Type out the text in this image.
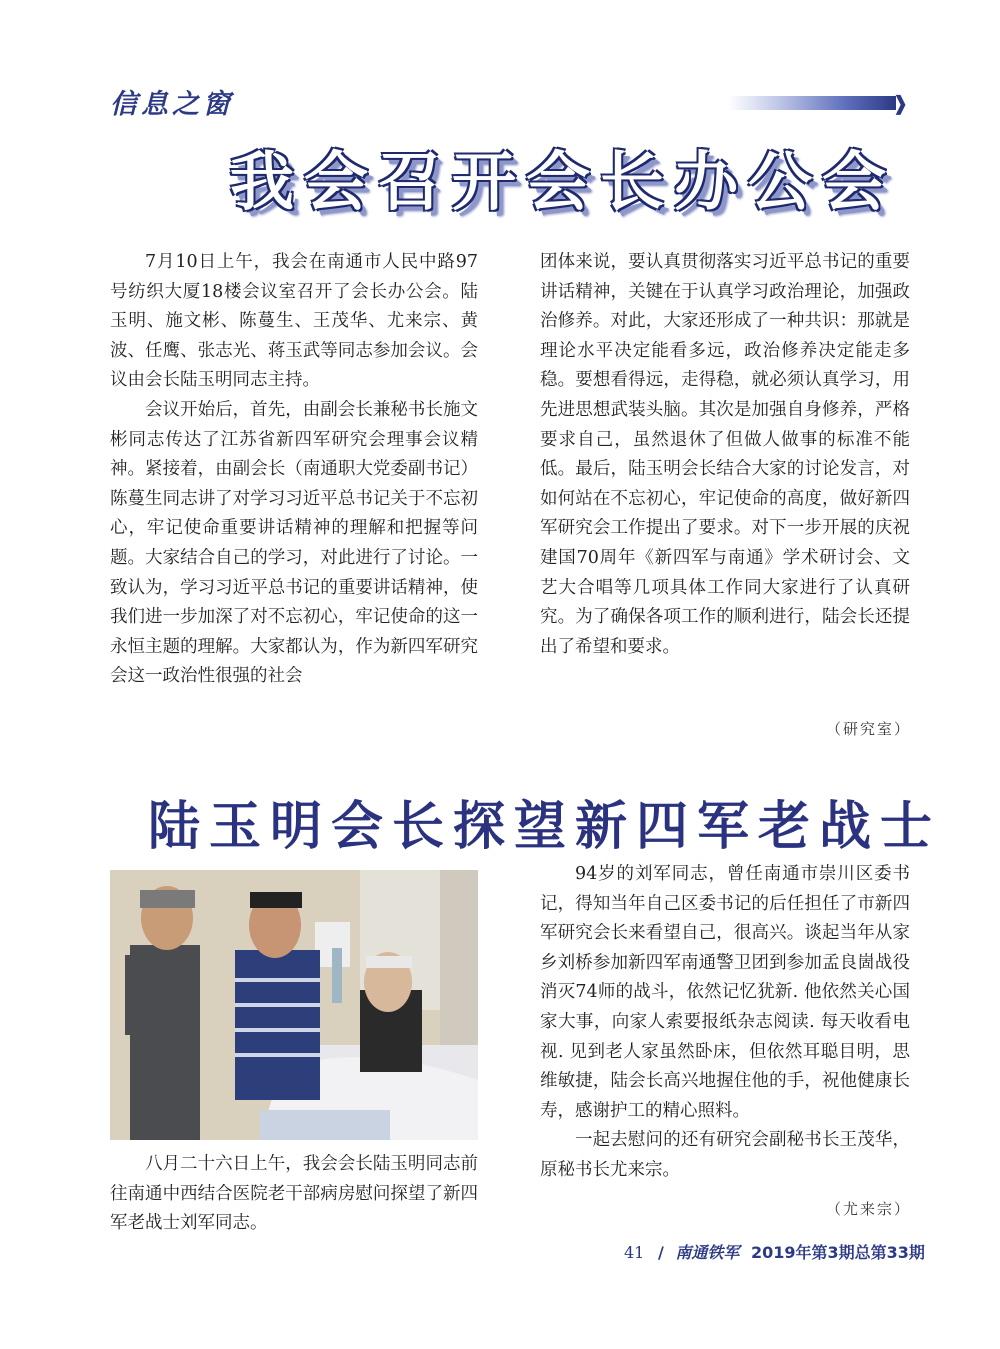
信息之窗	❱
我会召开会长办公会

7月10日上午，我会在南通市人民中路97号纺织大厦18楼会议室召开了会长办公会。陆玉明、施文彬、陈蔓生、王茂华、尤来宗、黄波、任鹰、张志光、蒋玉武等同志参加会议。会议由会长陆玉明同志主持。

会议开始后，首先，由副会长兼秘书长施文彬同志传达了江苏省新四军研究会理事会议精神。紧接着，由副会长（南通职大党委副书记）陈蔓生同志讲了对学习习近平总书记关于不忘初心，牢记使命重要讲话精神的理解和把握等问题。大家结合自己的学习，对此进行了讨论。一致认为，学习习近平总书记的重要讲话精神，使我们进一步加深了对不忘初心，牢记使命的这一永恒主题的理解。大家都认为，作为新四军研究会这一政治性很强的社会

团体来说，要认真贯彻落实习近平总书记的重要讲话精神，关键在于认真学习政治理论，加强政治修养。对此，大家还形成了一种共识：那就是理论水平决定能看多远，政治修养决定能走多稳。要想看得远，走得稳，就必须认真学习，用先进思想武装头脑。其次是加强自身修养，严格要求自己，虽然退休了但做人做事的标准不能低。最后，陆玉明会长结合大家的讨论发言，对如何站在不忘初心，牢记使命的高度，做好新四军研究会工作提出了要求。对下一步开展的庆祝建国70周年《新四军与南通》学术研讨会、文艺大合唱等几项具体工作同大家进行了认真研究。为了确保各项工作的顺利进行，陆会长还提出了希望和要求。

（研究室）
陆玉明会长探望新四军老战士
八月二十六日上午，我会会长陆玉明同志前往南通中西结合医院老干部病房慰问探望了新四军老战士刘军同志。

94岁的刘军同志，曾任南通市崇川区委书记，得知当年自己区委书记的后任担任了市新四军研究会长来看望自己，很高兴。谈起当年从家乡刘桥参加新四军南通警卫团到参加孟良崮战役消灭74师的战斗，依然记忆犹新. 他依然关心国家大事，向家人索要报纸杂志阅读. 每天收看电视. 见到老人家虽然卧床，但依然耳聪目明，思维敏捷，陆会长高兴地握住他的手，祝他健康长寿，感谢护工的精心照料。

一起去慰问的还有研究会副秘书长王茂华，原秘书长尤来宗。

（尤来宗）
41 / 南通铁军 2019年第3期总第33期
